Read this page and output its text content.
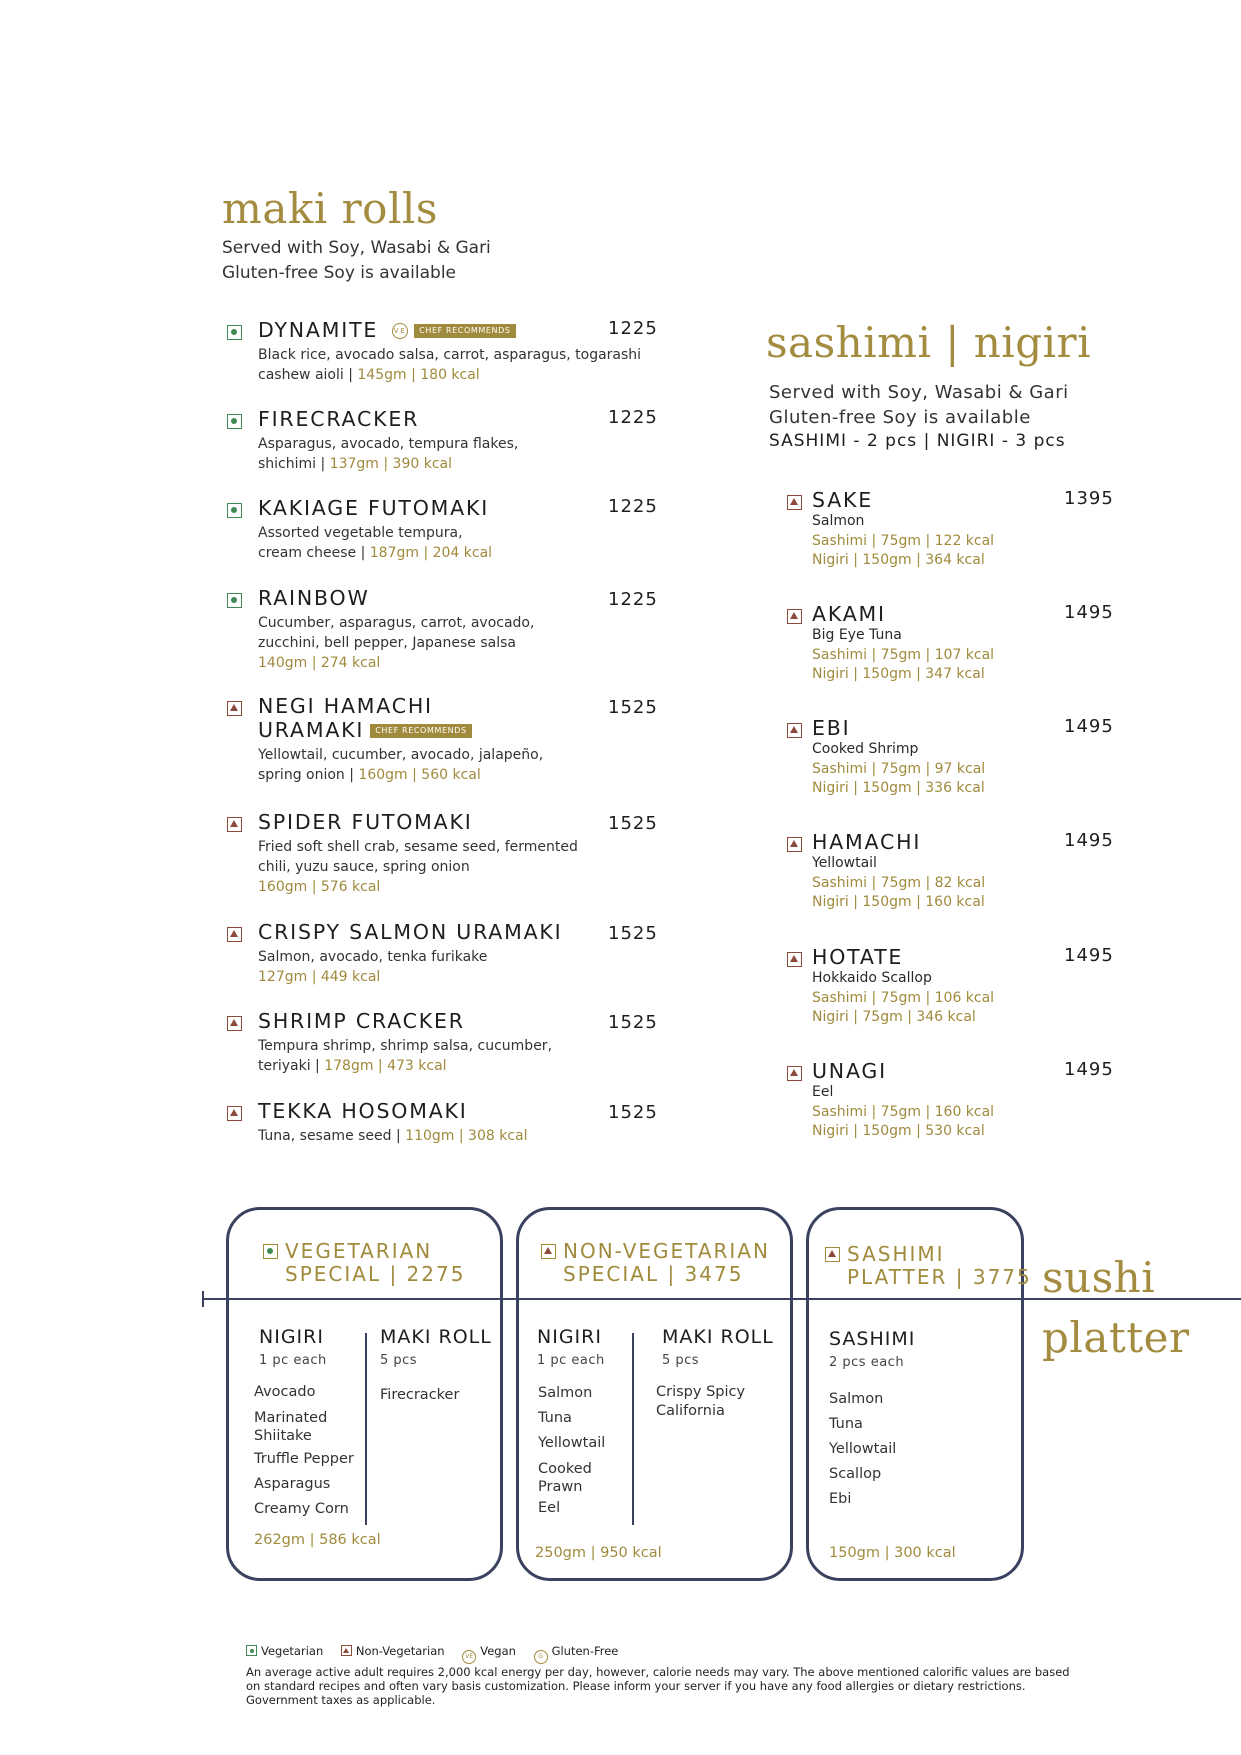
maki rolls
Served with Soy, Wasabi & Gari
Gluten-free Soy is available
DYNAMITE VE CHEF RECOMMENDS
Black rice, avocado salsa, carrot, asparagus, togarashi cashew aioli | 145gm | 180 kcal
1225
FIRECRACKER
Asparagus, avocado, tempura flakes, shichimi | 137gm | 390 kcal
1225
KAKIAGE FUTOMAKI
Assorted vegetable tempura, cream cheese | 187gm | 204 kcal
1225
RAINBOW
Cucumber, asparagus, carrot, avocado, zucchini, bell pepper, Japanese salsa
140gm | 274 kcal
1225
NEGI HAMACHI
URAMAKI CHEF RECOMMENDS
Yellowtail, cucumber, avocado, jalapeño, spring onion | 160gm | 560 kcal
1525
SPIDER FUTOMAKI
Fried soft shell crab, sesame seed, fermented chili, yuzu sauce, spring onion
160gm | 576 kcal
1525
CRISPY SALMON URAMAKI
Salmon, avocado, tenka furikake
127gm | 449 kcal
1525
SHRIMP CRACKER
Tempura shrimp, shrimp salsa, cucumber, teriyaki | 178gm | 473 kcal
1525
TEKKA HOSOMAKI
Tuna, sesame seed | 110gm | 308 kcal
1525
sashimi | nigiri
Served with Soy, Wasabi & Gari
Gluten-free Soy is available
SASHIMI - 2 pcs | NIGIRI - 3 pcs
SAKE
Salmon
Sashimi | 75gm | 122 kcal
Nigiri | 150gm | 364 kcal
1395
AKAMI
Big Eye Tuna
Sashimi | 75gm | 107 kcal
Nigiri | 150gm | 347 kcal
1495
EBI
Cooked Shrimp
Sashimi | 75gm | 97 kcal
Nigiri | 150gm | 336 kcal
1495
HAMACHI
Yellowtail
Sashimi | 75gm | 82 kcal
Nigiri | 150gm | 160 kcal
1495
HOTATE
Hokkaido Scallop
Sashimi | 75gm | 106 kcal
Nigiri | 75gm | 346 kcal
1495
UNAGI
Eel
Sashimi | 75gm | 160 kcal
Nigiri | 150gm | 530 kcal
1495
VEGETARIAN
SPECIAL | 2275
NIGIRI
1 pc each
Avocado
Marinated
Shiitake
Truffle Pepper
Asparagus
Creamy Corn
MAKI ROLL
5 pcs
Firecracker
262gm | 586 kcal
NON-VEGETARIAN
SPECIAL | 3475
NIGIRI
1 pc each
Salmon
Tuna
Yellowtail
Cooked
Prawn
Eel
MAKI ROLL
5 pcs
Crispy Spicy
California
250gm | 950 kcal
SASHIMI
PLATTER | 3775
SASHIMI
2 pcs each
Salmon
Tuna
Yellowtail
Scallop
Ebi
150gm | 300 kcal
sushi
platter
Vegetarian	Non-Vegetarian	VE Vegan	G Gluten-Free
An average active adult requires 2,000 kcal energy per day, however, calorie needs may vary. The above mentioned calorific values are based on standard recipes and often vary basis customization. Please inform your server if you have any food allergies or dietary restrictions. Government taxes as applicable.
